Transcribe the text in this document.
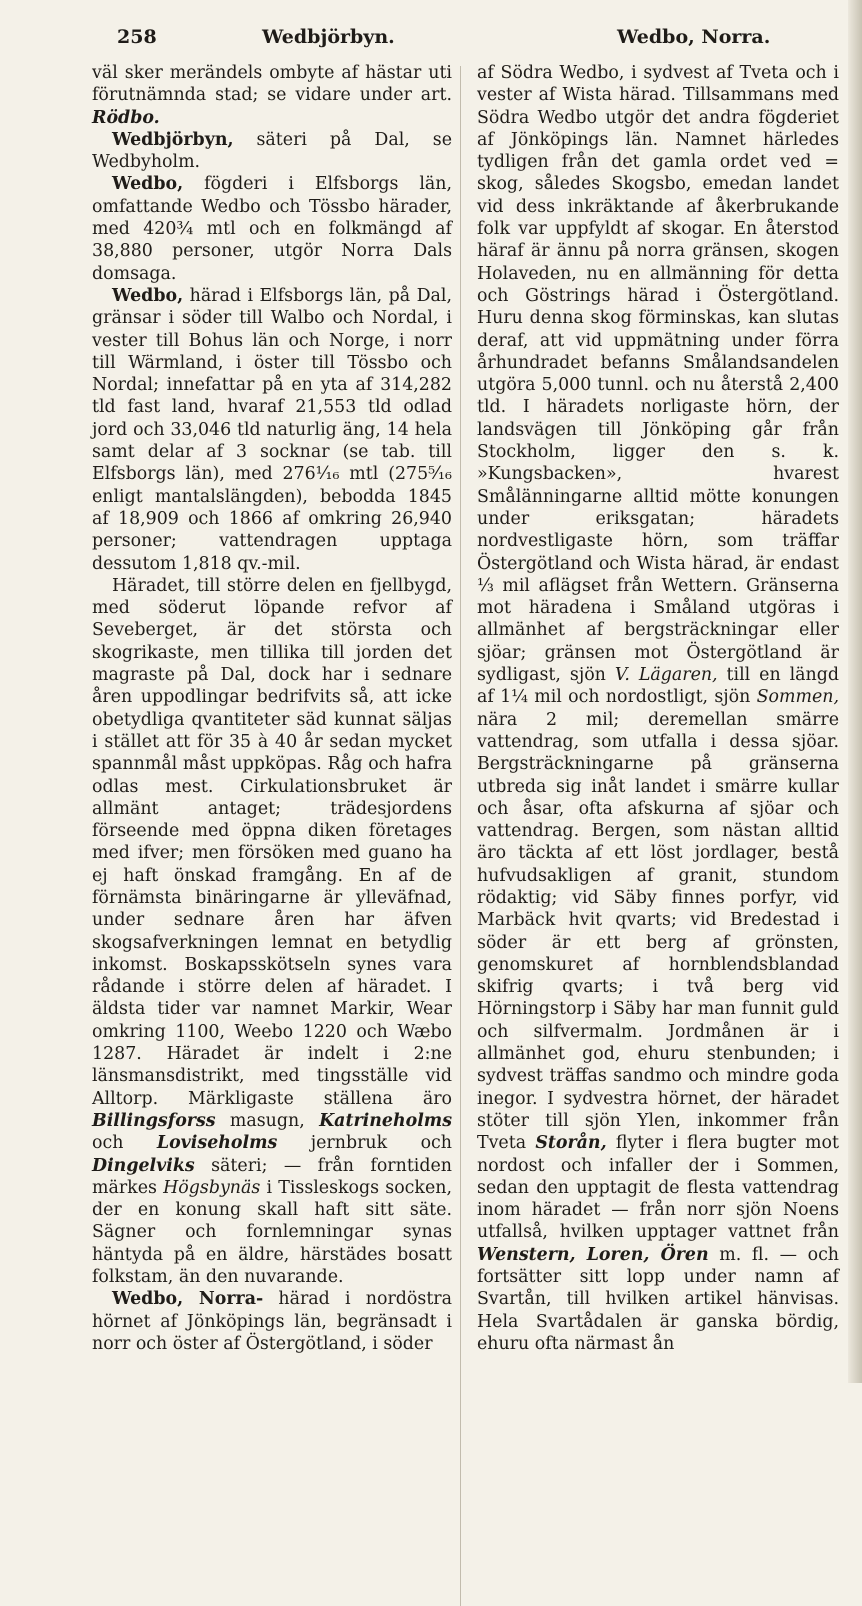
258	Wedbjörbyn.	Wedbo, Norra.

väl sker merändels ombyte af hästar uti förutnämnda stad; se vidare under art. Rödbo.

Wedbjörbyn, säteri på Dal, se Wedbyholm.

Wedbo, fögderi i Elfsborgs län, omfattande Wedbo och Tössbo härader, med 420¾ mtl och en folkmängd af 38,880 personer, utgör Norra Dals domsaga.

Wedbo, härad i Elfsborgs län, på Dal, gränsar i söder till Walbo och Nordal, i vester till Bohus län och Norge, i norr till Wärmland, i öster till Tössbo och Nordal; innefattar på en yta af 314,282 tld fast land, hvaraf 21,553 tld odlad jord och 33,046 tld naturlig äng, 14 hela samt delar af 3 socknar (se tab. till Elfsborgs län), med 276¹⁄₁₆ mtl (275⁵⁄₁₆ enligt mantalslängden), bebodda 1845 af 18,909 och 1866 af omkring 26,940 personer; vattendragen upptaga dessutom 1,818 qv.-mil.

Häradet, till större delen en fjellbygd, med söderut löpande refvor af Seveberget, är det största och skogrikaste, men tillika till jorden det magraste på Dal, dock har i sednare åren uppodlingar bedrifvits så, att icke obetydliga qvantiteter säd kunnat säljas i stället att för 35 à 40 år sedan mycket spannmål måst uppköpas. Råg och hafra odlas mest. Cirkulationsbruket är allmänt antaget; trädesjordens förseende med öppna diken företages med ifver; men försöken med guano ha ej haft önskad framgång. En af de förnämsta binäringarne är ylleväfnad, under sednare åren har äfven skogsafverkningen lemnat en betydlig inkomst. Boskapsskötseln synes vara rådande i större delen af häradet. I äldsta tider var namnet Markir, Wear omkring 1100, Weebo 1220 och Wæbo 1287. Häradet är indelt i 2:ne länsmansdistrikt, med tingsställe vid Alltorp. Märkligaste ställena äro Billingsforss masugn, Katrineholms och Loviseholms jernbruk och Dingelviks säteri; — från forntiden märkes Högsbynäs i Tissleskogs socken, der en konung skall haft sitt säte. Sägner och fornlemningar synas häntyda på en äldre, härstädes bosatt folkstam, än den nuvarande.

Wedbo, Norra- härad i nordöstra hörnet af Jönköpings län, begränsadt i norr och öster af Östergötland, i söder

af Södra Wedbo, i sydvest af Tveta och i vester af Wista härad. Tillsammans med Södra Wedbo utgör det andra fögderiet af Jönköpings län. Namnet härledes tydligen från det gamla ordet ved = skog, således Skogsbo, emedan landet vid dess inkräktande af åkerbrukande folk var uppfyldt af skogar. En återstod häraf är ännu på norra gränsen, skogen Holaveden, nu en allmänning för detta och Göstrings härad i Östergötland. Huru denna skog förminskas, kan slutas deraf, att vid uppmätning under förra århundradet befanns Smålandsandelen utgöra 5,000 tunnl. och nu återstå 2,400 tld. I häradets norligaste hörn, der landsvägen till Jönköping går från Stockholm, ligger den s. k. »Kungsbacken», hvarest Smålänningarne alltid mötte konungen under eriksgatan; häradets nordvestligaste hörn, som träffar Östergötland och Wista härad, är endast ⅓ mil aflägset från Wettern. Gränserna mot häradena i Småland utgöras i allmänhet af bergsträckningar eller sjöar; gränsen mot Östergötland är sydligast, sjön V. Lägaren, till en längd af 1¼ mil och nordostligt, sjön Sommen, nära 2 mil; deremellan smärre vattendrag, som utfalla i dessa sjöar. Bergsträckningarne på gränserna utbreda sig inåt landet i smärre kullar och åsar, ofta afskurna af sjöar och vattendrag. Bergen, som nästan alltid äro täckta af ett löst jordlager, bestå hufvudsakligen af granit, stundom rödaktig; vid Säby finnes porfyr, vid Marbäck hvit qvarts; vid Bredestad i söder är ett berg af grönsten, genomskuret af hornblendsblandad skifrig qvarts; i två berg vid Hörningstorp i Säby har man funnit guld och silfvermalm. Jordmånen är i allmänhet god, ehuru stenbunden; i sydvest träffas sandmo och mindre goda inegor. I sydvestra hörnet, der häradet stöter till sjön Ylen, inkommer från Tveta Storån, flyter i flera bugter mot nordost och infaller der i Sommen, sedan den upptagit de flesta vattendrag inom häradet — från norr sjön Noens utfallså, hvilken upptager vattnet från Wenstern, Loren, Ören m. fl. — och fortsätter sitt lopp under namn af Svartån, till hvilken artikel hänvisas. Hela Svartådalen är ganska bördig, ehuru ofta närmast ån
